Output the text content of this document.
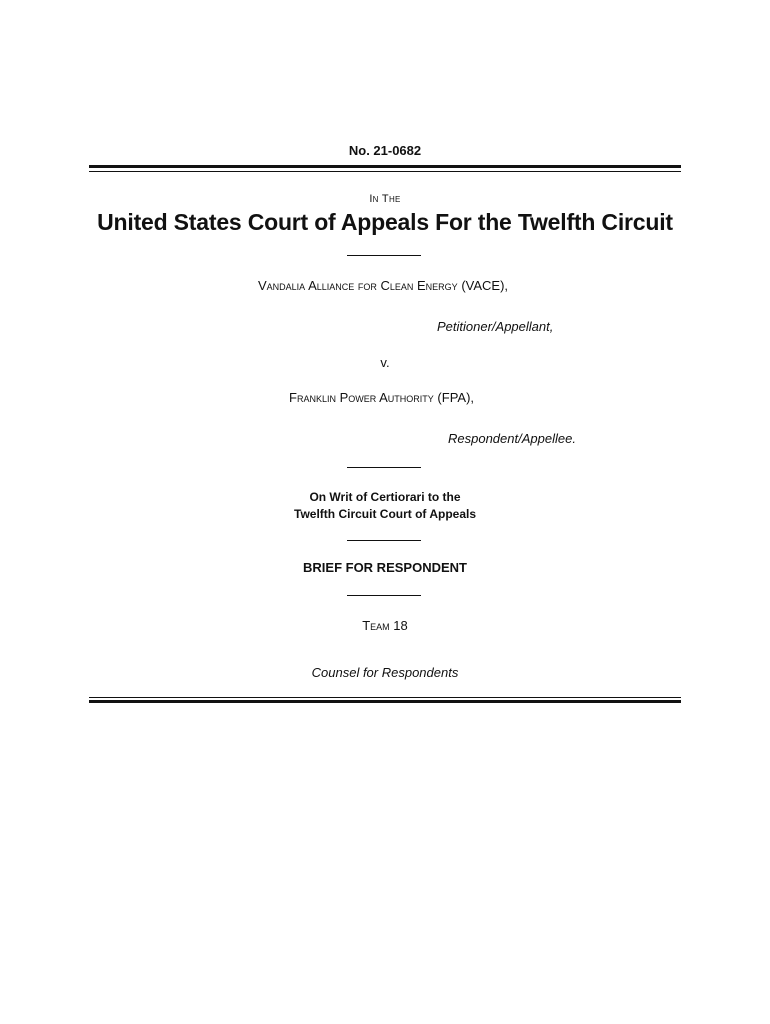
No. 21-0682
In The
United States Court of Appeals For the Twelfth Circuit
Vandalia Alliance for Clean Energy (VACE),
Petitioner/Appellant,
v.
Franklin Power Authority (FPA),
Respondent/Appellee.
On Writ of Certiorari to the
Twelfth Circuit Court of Appeals
BRIEF FOR RESPONDENT
Team 18
Counsel for Respondents
